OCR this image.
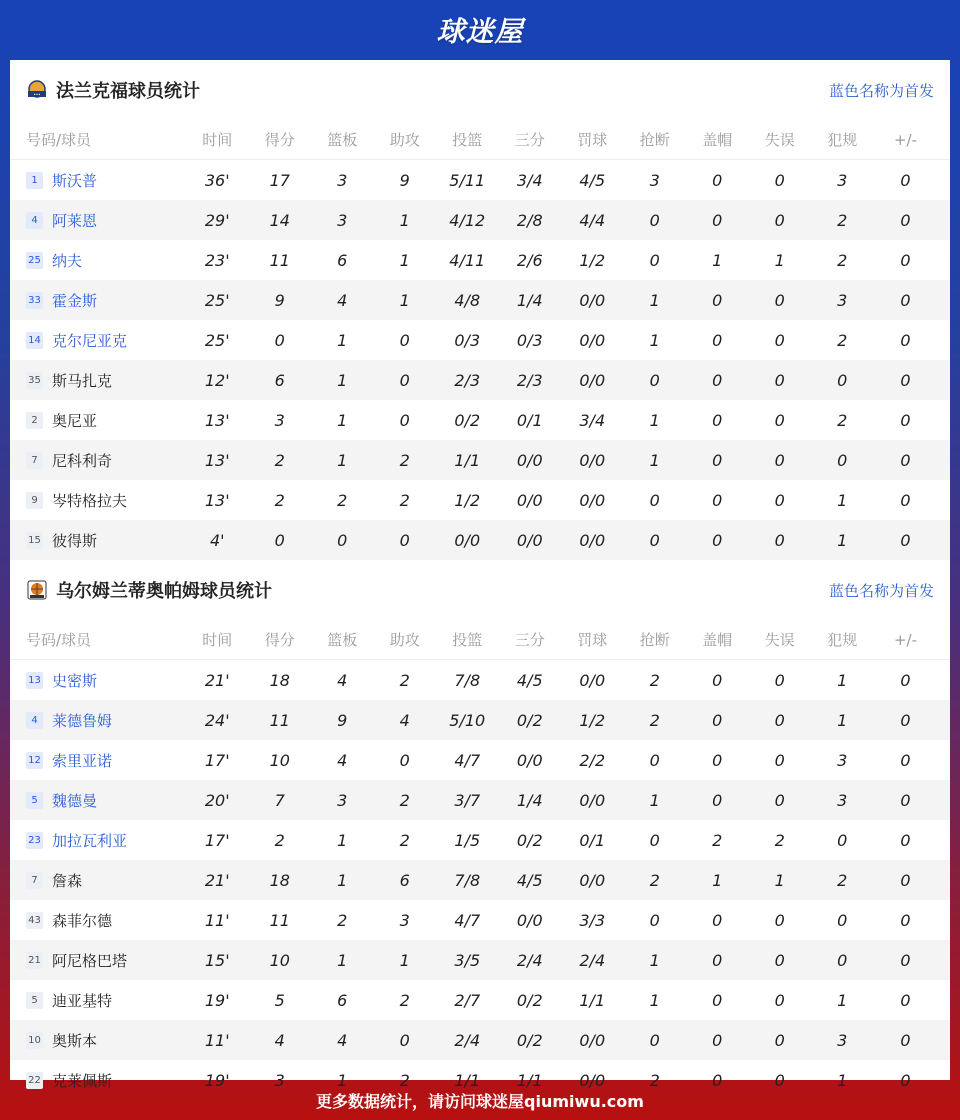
球迷屋
••• 法兰克福球员统计	蓝色名称为首发
号码/球员	时间	得分	篮板	助攻	投篮	三分	罚球	抢断	盖帽	失误	犯规	+/-
1 斯沃普	36'	17	3	9	5/11	3/4	4/5	3	0	0	3	0
4 阿莱恩	29'	14	3	1	4/12	2/8	4/4	0	0	0	2	0
25 纳夫	23'	11	6	1	4/11	2/6	1/2	0	1	1	2	0
33 霍金斯	25'	9	4	1	4/8	1/4	0/0	1	0	0	3	0
14 克尔尼亚克	25'	0	1	0	0/3	0/3	0/0	1	0	0	2	0
35 斯马扎克	12'	6	1	0	2/3	2/3	0/0	0	0	0	0	0
2 奥尼亚	13'	3	1	0	0/2	0/1	3/4	1	0	0	2	0
7 尼科利奇	13'	2	1	2	1/1	0/0	0/0	1	0	0	0	0
9 岑特格拉夫	13'	2	2	2	1/2	0/0	0/0	0	0	0	1	0
15 彼得斯	4'	0	0	0	0/0	0/0	0/0	0	0	0	1	0
乌尔姆兰蒂奥帕姆球员统计	蓝色名称为首发
号码/球员	时间	得分	篮板	助攻	投篮	三分	罚球	抢断	盖帽	失误	犯规	+/-
13 史密斯	21'	18	4	2	7/8	4/5	0/0	2	0	0	1	0
4 莱德鲁姆	24'	11	9	4	5/10	0/2	1/2	2	0	0	1	0
12 索里亚诺	17'	10	4	0	4/7	0/0	2/2	0	0	0	3	0
5 魏德曼	20'	7	3	2	3/7	1/4	0/0	1	0	0	3	0
23 加拉瓦利亚	17'	2	1	2	1/5	0/2	0/1	0	2	2	0	0
7 詹森	21'	18	1	6	7/8	4/5	0/0	2	1	1	2	0
43 森菲尔德	11'	11	2	3	4/7	0/0	3/3	0	0	0	0	0
21 阿尼格巴塔	15'	10	1	1	3/5	2/4	2/4	1	0	0	0	0
5 迪亚基特	19'	5	6	2	2/7	0/2	1/1	1	0	0	1	0
10 奥斯本	11'	4	4	0	2/4	0/2	0/0	0	0	0	3	0
22 克莱佩斯	19'	3	1	2	1/1	1/1	0/0	2	0	0	1	0
更多数据统计，请访问球迷屋qiumiwu.com
